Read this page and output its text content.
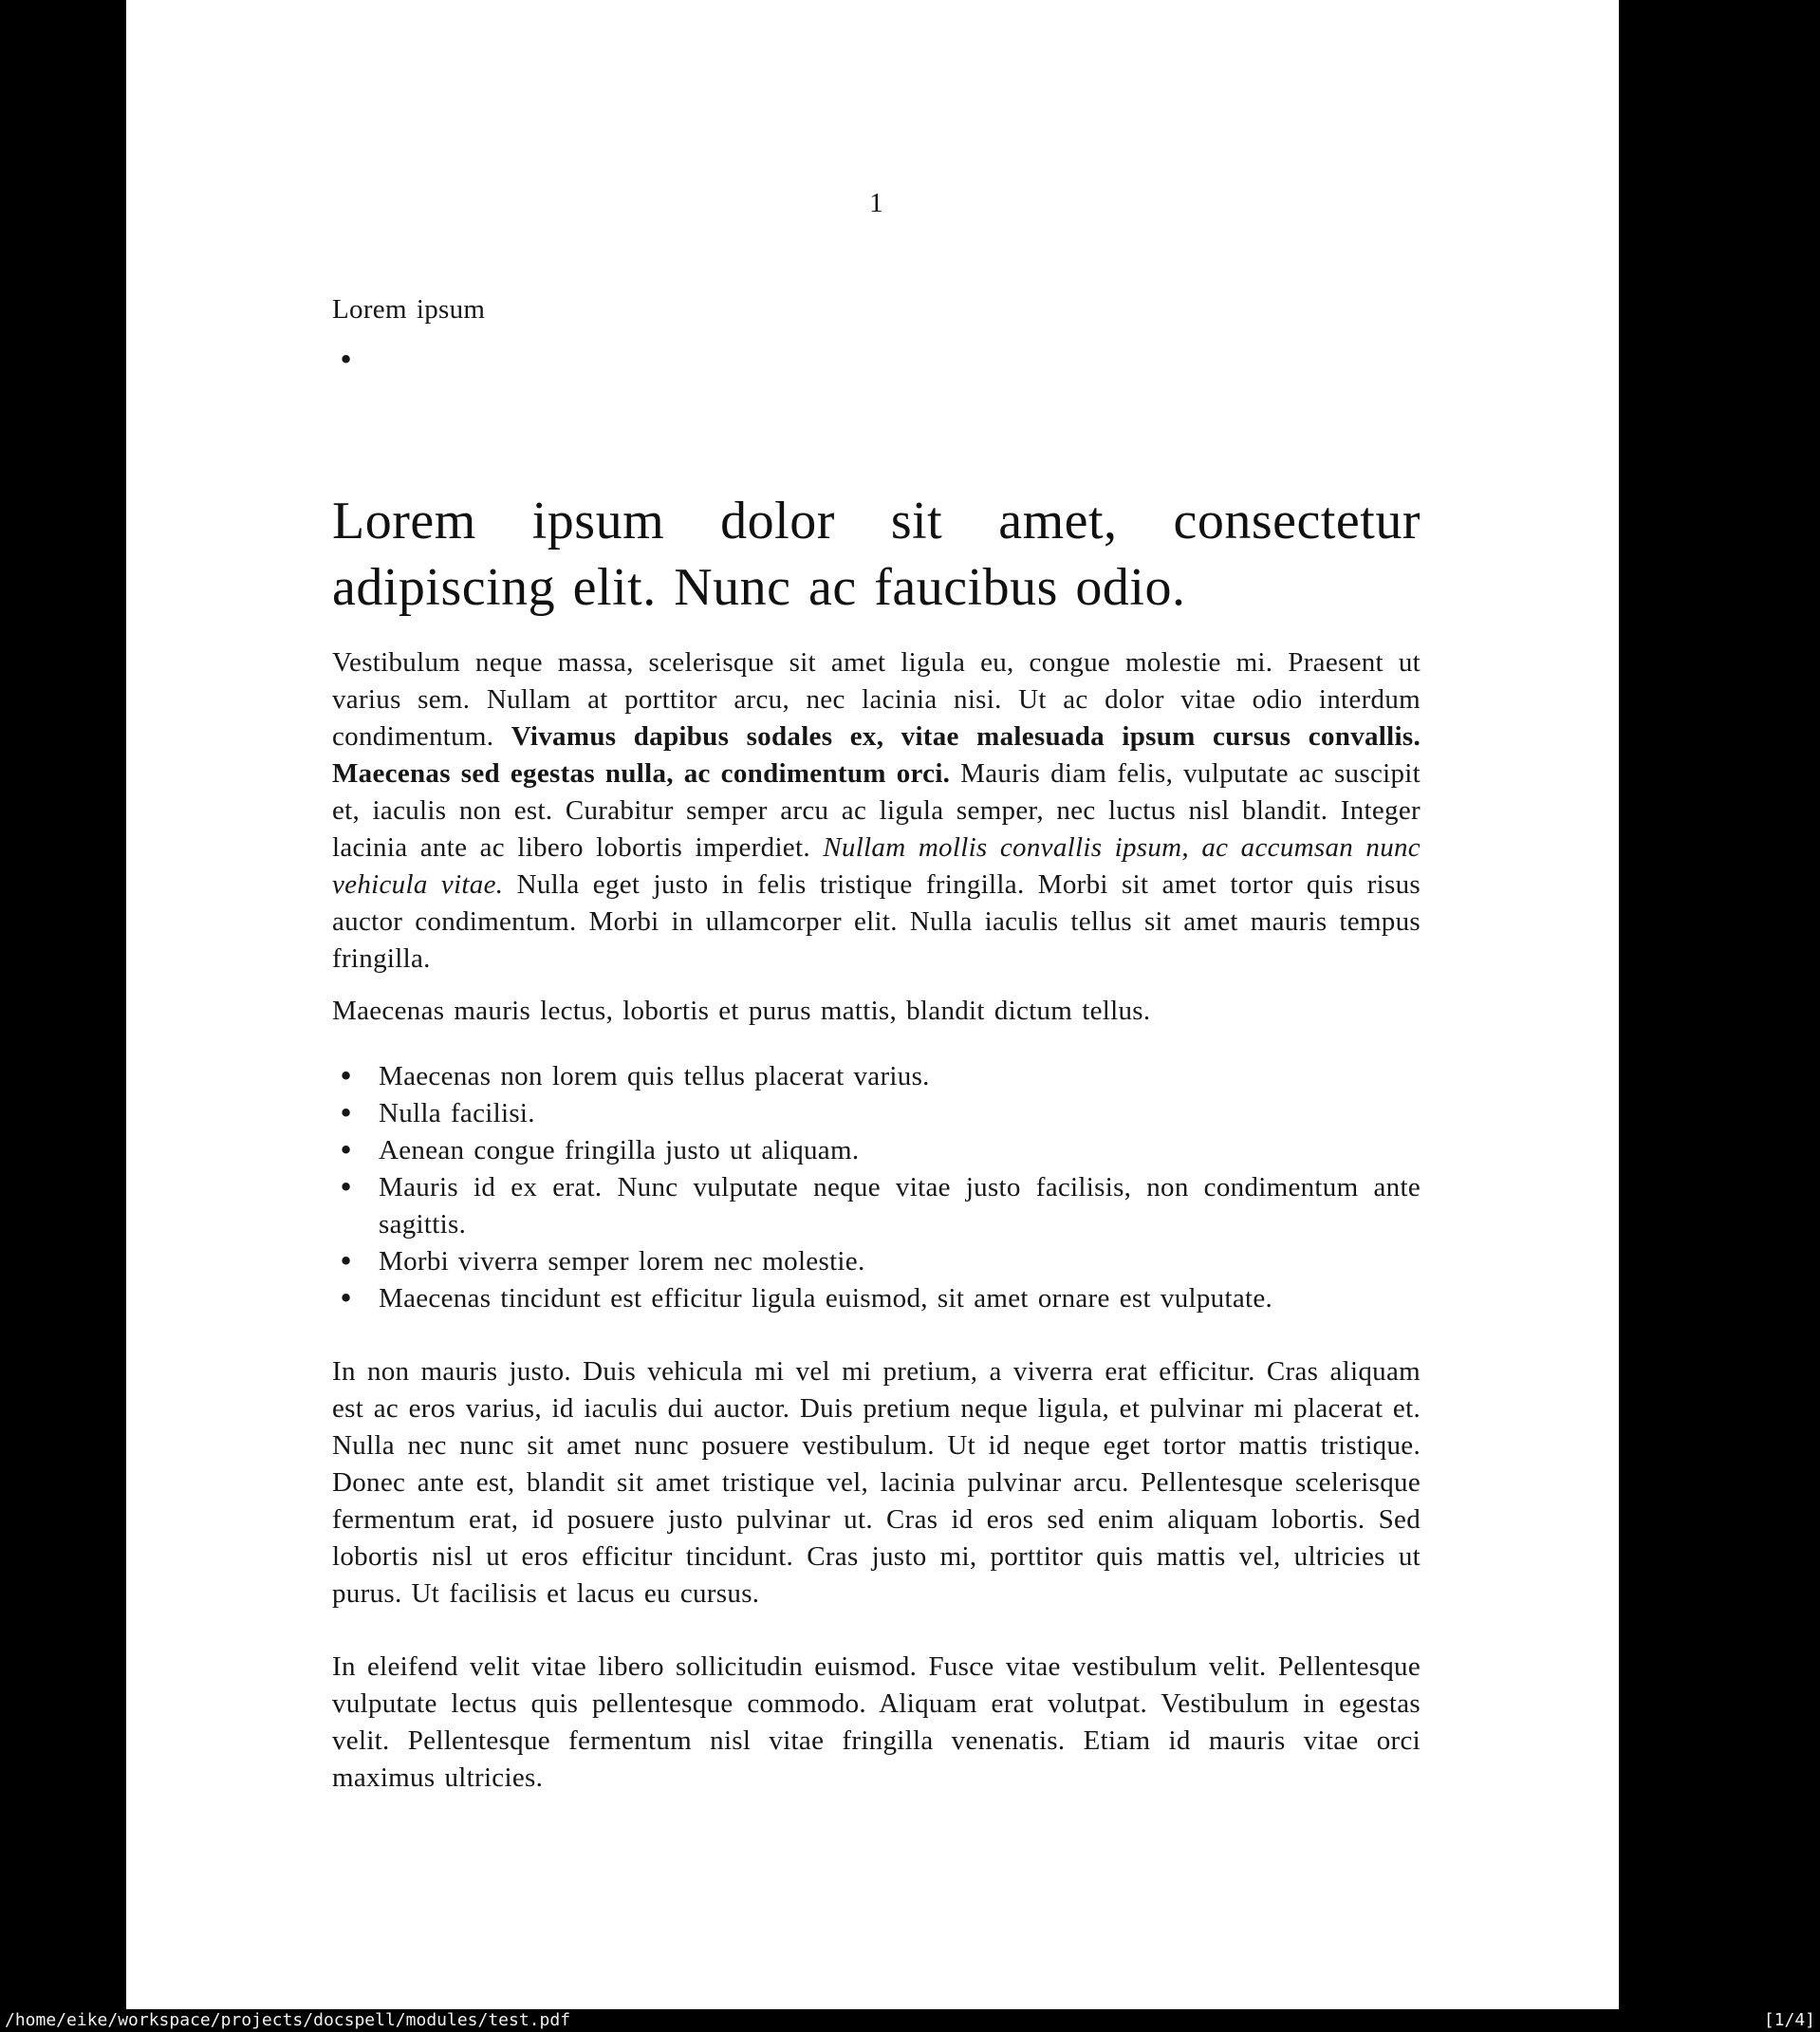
1

Lorem ipsum

•
Lorem ipsum dolor sit amet, consectetur adipiscing elit. Nunc ac faucibus odio.

Vestibulum neque massa, scelerisque sit amet ligula eu, congue molestie mi. Praesent ut varius sem. Nullam at porttitor arcu, nec lacinia nisi. Ut ac dolor vitae odio interdum condimentum. Vivamus dapibus sodales ex, vitae malesuada ipsum cursus convallis. Maecenas sed egestas nulla, ac condimentum orci. Mauris diam felis, vulputate ac suscipit et, iaculis non est. Curabitur semper arcu ac ligula semper, nec luctus nisl blandit. Integer lacinia ante ac libero lobortis imperdiet. Nullam mollis convallis ipsum, ac accumsan nunc vehicula vitae. Nulla eget justo in felis tristique fringilla. Morbi sit amet tortor quis risus auctor condimentum. Morbi in ullamcorper elit. Nulla iaculis tellus sit amet mauris tempus fringilla.

Maecenas mauris lectus, lobortis et purus mattis, blandit dictum tellus.

• Maecenas non lorem quis tellus placerat varius.
• Nulla facilisi.
• Aenean congue fringilla justo ut aliquam.
• Mauris id ex erat. Nunc vulputate neque vitae justo facilisis, non condimentum ante sagittis.
• Morbi viverra semper lorem nec molestie.
• Maecenas tincidunt est efficitur ligula euismod, sit amet ornare est vulputate.

In non mauris justo. Duis vehicula mi vel mi pretium, a viverra erat efficitur. Cras aliquam est ac eros varius, id iaculis dui auctor. Duis pretium neque ligula, et pulvinar mi placerat et. Nulla nec nunc sit amet nunc posuere vestibulum. Ut id neque eget tortor mattis tristique. Donec ante est, blandit sit amet tristique vel, lacinia pulvinar arcu. Pellentesque scelerisque fermentum erat, id posuere justo pulvinar ut. Cras id eros sed enim aliquam lobortis. Sed lobortis nisl ut eros efficitur tincidunt. Cras justo mi, porttitor quis mattis vel, ultricies ut purus. Ut facilisis et lacus eu cursus.

In eleifend velit vitae libero sollicitudin euismod. Fusce vitae vestibulum velit. Pellentesque vulputate lectus quis pellentesque commodo. Aliquam erat volutpat. Vestibulum in egestas velit. Pellentesque fermentum nisl vitae fringilla venenatis. Etiam id mauris vitae orci maximus ultricies.

/home/eike/workspace/projects/docspell/modules/test.pdf	[1/4]
